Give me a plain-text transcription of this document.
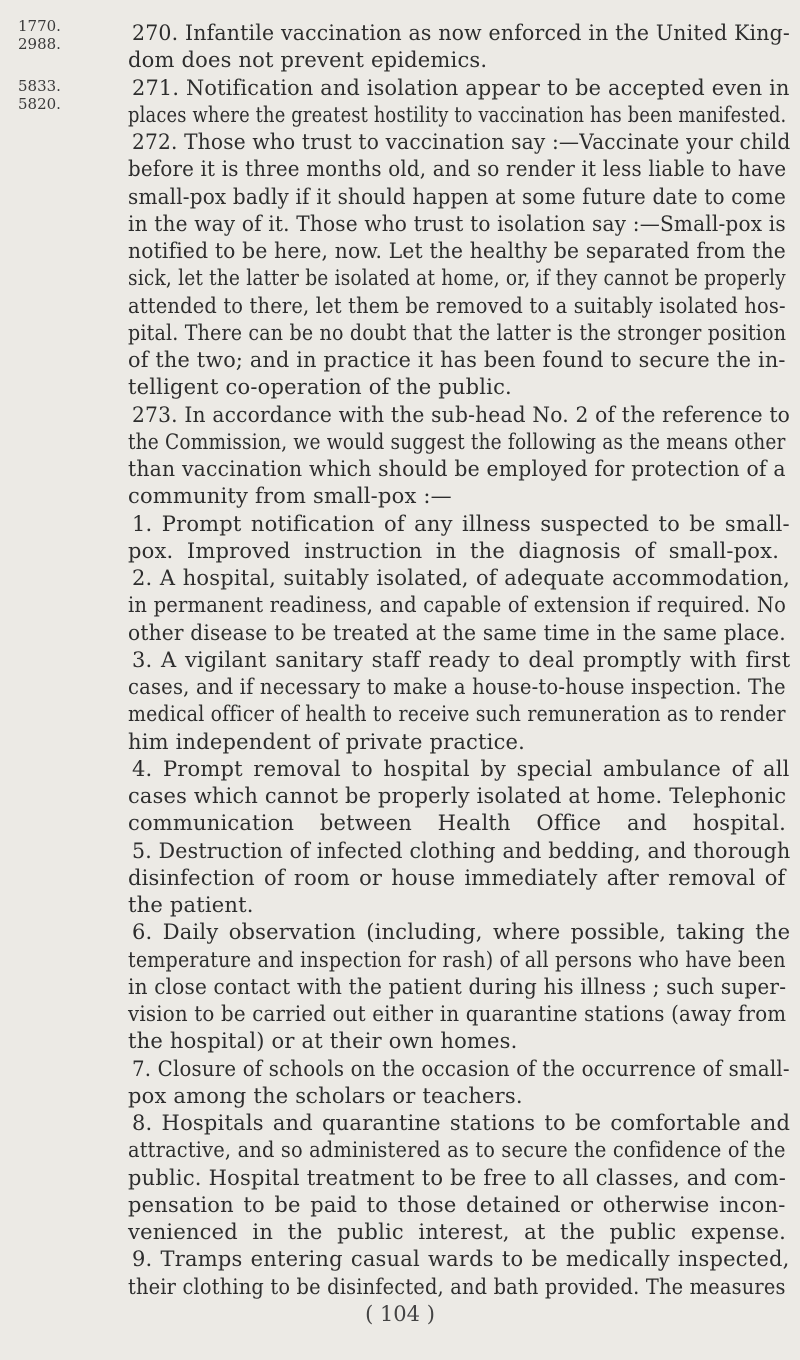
1770.
2988.
5833.
5820.
270. Infantile vaccination as now enforced in the United King-
dom does not prevent epidemics.
271. Notification and isolation appear to be accepted even in
places where the greatest hostility to vaccination has been manifested.
272. Those who trust to vaccination say :—Vaccinate your child
before it is three months old, and so render it less liable to have
small-pox badly if it should happen at some future date to come
in the way of it. Those who trust to isolation say :—Small-pox is
notified to be here, now. Let the healthy be separated from the
sick, let the latter be isolated at home, or, if they cannot be properly
attended to there, let them be removed to a suitably isolated hos-
pital. There can be no doubt that the latter is the stronger position
of the two; and in practice it has been found to secure the in-
telligent co-operation of the public.
273. In accordance with the sub-head No. 2 of the reference to
the Commission, we would suggest the following as the means other
than vaccination which should be employed for protection of a
community from small-pox :—
1. Prompt notification of any illness suspected to be small-
pox. Improved instruction in the diagnosis of small-pox.
2. A hospital, suitably isolated, of adequate accommodation,
in permanent readiness, and capable of extension if required. No
other disease to be treated at the same time in the same place.
3. A vigilant sanitary staff ready to deal promptly with first
cases, and if necessary to make a house-to-house inspection. The
medical officer of health to receive such remuneration as to render
him independent of private practice.
4. Prompt removal to hospital by special ambulance of all
cases which cannot be properly isolated at home. Telephonic
communication between Health Office and hospital.
5. Destruction of infected clothing and bedding, and thorough
disinfection of room or house immediately after removal of
the patient.
6. Daily observation (including, where possible, taking the
temperature and inspection for rash) of all persons who have been
in close contact with the patient during his illness ; such super-
vision to be carried out either in quarantine stations (away from
the hospital) or at their own homes.
7. Closure of schools on the occasion of the occurrence of small-
pox among the scholars or teachers.
8. Hospitals and quarantine stations to be comfortable and
attractive, and so administered as to secure the confidence of the
public. Hospital treatment to be free to all classes, and com-
pensation to be paid to those detained or otherwise incon-
venienced in the public interest, at the public expense.
9. Tramps entering casual wards to be medically inspected,
their clothing to be disinfected, and bath provided. The measures
( 104 )
